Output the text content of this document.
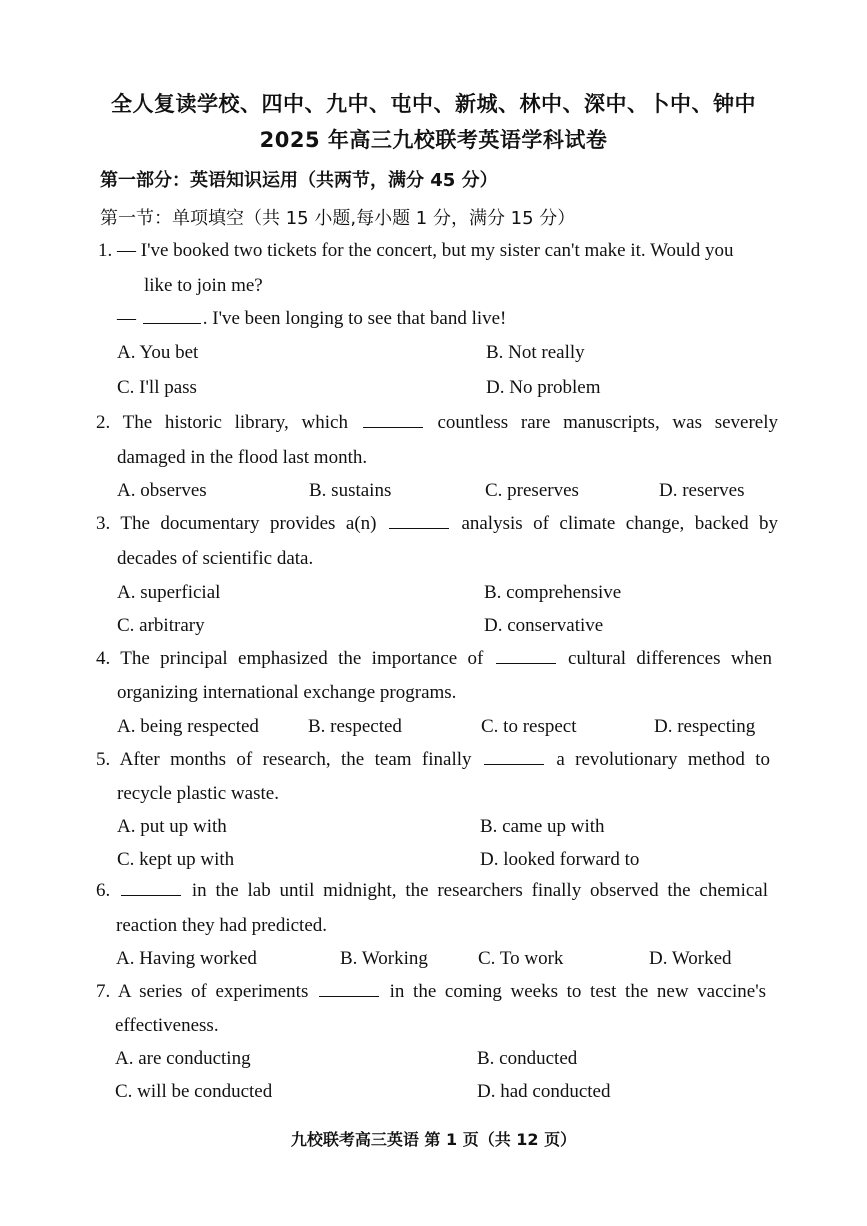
全人复读学校、四中、九中、屯中、新城、林中、深中、卜中、钟中
2025 年高三九校联考英语学科试卷
第一部分：英语知识运用（共两节，满分 45 分）
第一节：单项填空（共 15 小题,每小题 1 分，满分 15 分）
1. — I've booked two tickets for the concert, but my sister can't make it. Would you
like to join me?
—	. I've been longing to see that band live!
A. You bet	B. Not really
C. I'll pass	D. No problem
2. The historic library, which	countless rare manuscripts, was severely
damaged in the flood last month.
A. observes	B. sustains	C. preserves	D. reserves
3. The documentary provides a(n)	analysis of climate change, backed by
decades of scientific data.
A. superficial	B. comprehensive
C. arbitrary	D. conservative
4. The principal emphasized the importance of	cultural differences when
organizing international exchange programs.
A. being respected	B. respected	C. to respect	D. respecting
5. After months of research, the team finally	a revolutionary method to
recycle plastic waste.
A. put up with	B. came up with
C. kept up with	D. looked forward to
6.	in the lab until midnight, the researchers finally observed the chemical
reaction they had predicted.
A. Having worked	B. Working	C. To work	D. Worked
7. A series of experiments	in the coming weeks to test the new vaccine's
effectiveness.
A. are conducting	B. conducted
C. will be conducted	D. had conducted
九校联考高三英语 第 1 页（共 12 页）
